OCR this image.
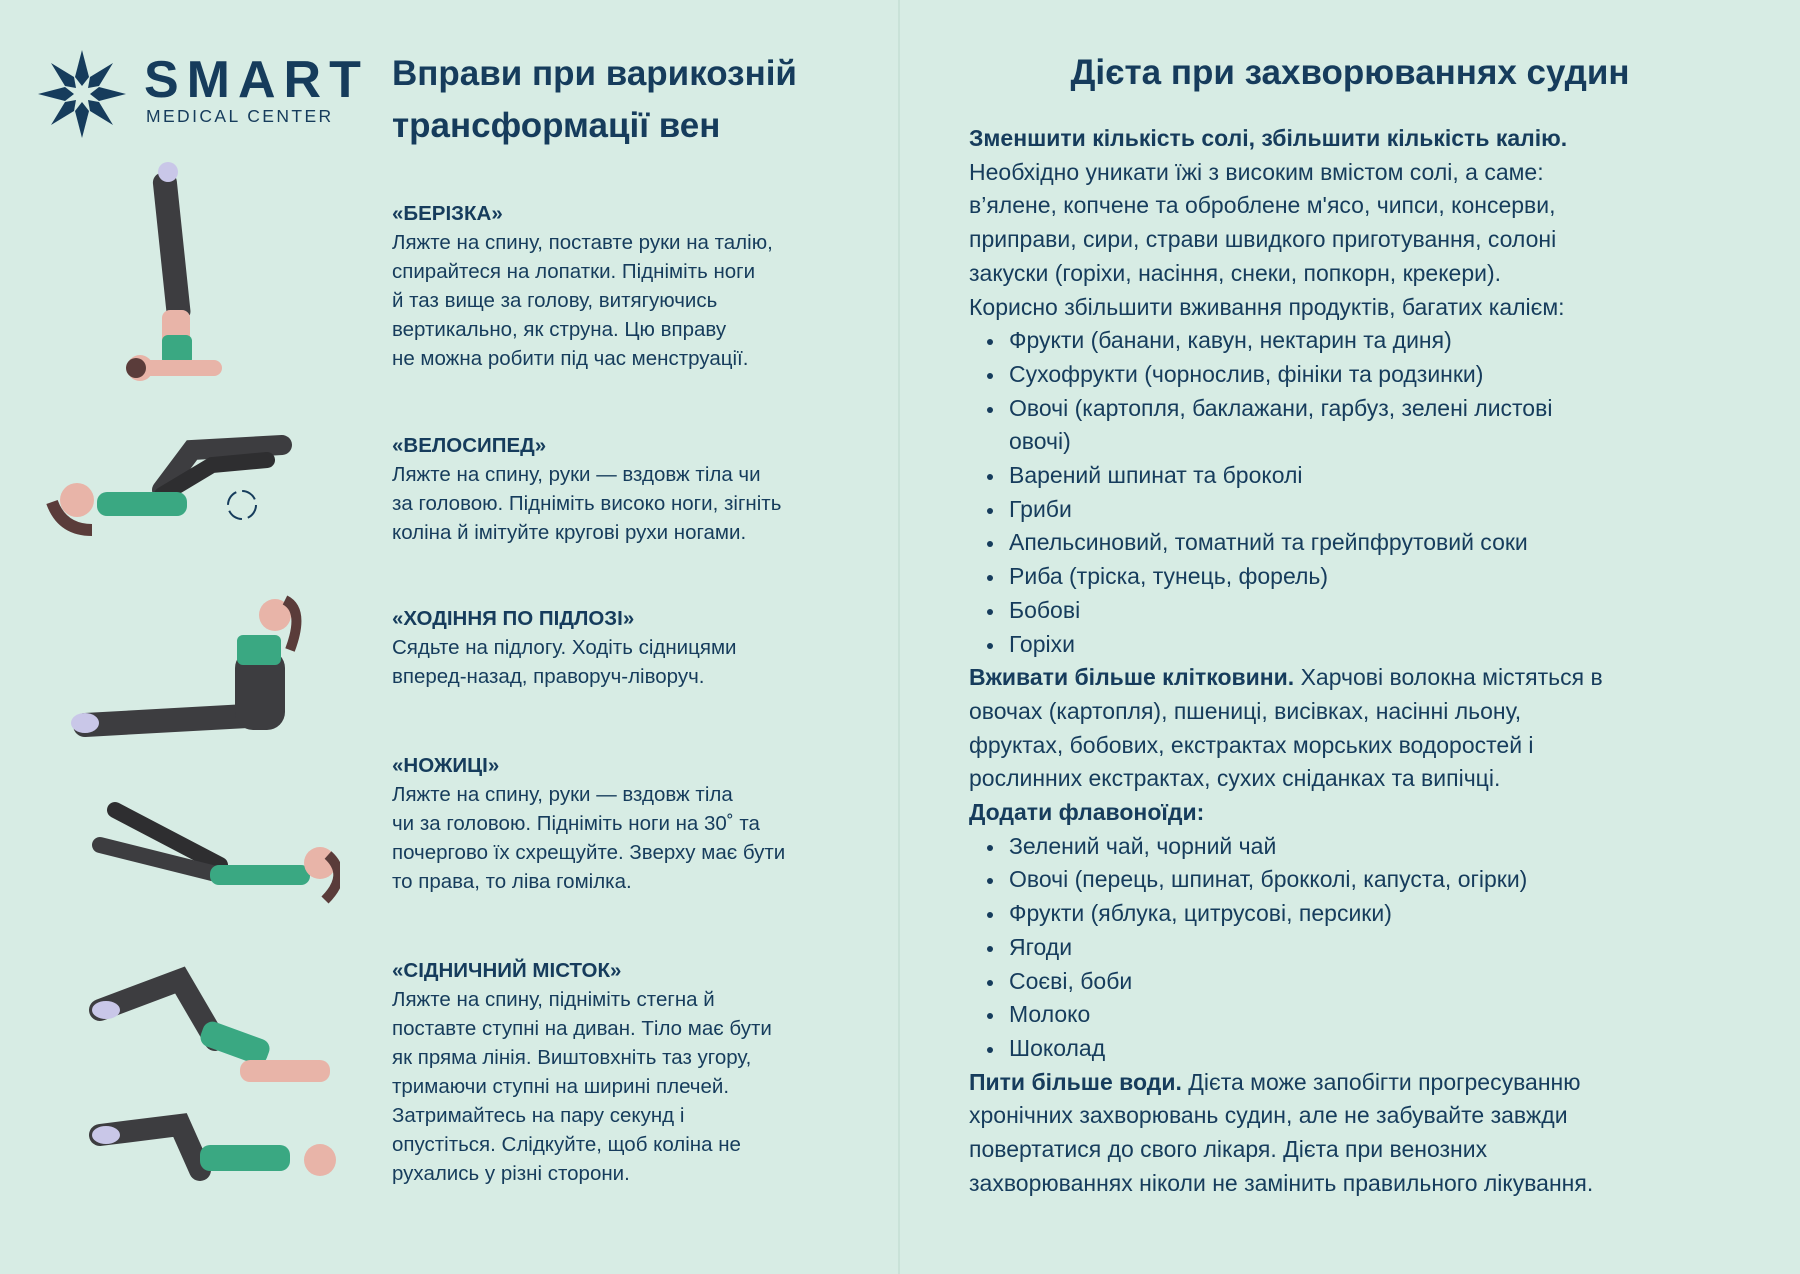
SMART
MEDICAL CENTER
Вправи при варикозній
трансформації вен
«БЕРІЗКА»
Ляжте на спину, поставте руки на талію,
спирайтеся на лопатки. Підніміть ноги
й таз вище за голову, витягуючись
вертикально, як струна. Цю вправу
не можна робити під час менструації.
«ВЕЛОСИПЕД»
Ляжте на спину, руки — вздовж тіла чи
за головою. Підніміть високо ноги, зігніть
коліна й імітуйте кругові рухи ногами.
«ХОДІННЯ ПО ПІДЛОЗІ»
Сядьте на підлогу. Ходіть сідницями
вперед-назад, праворуч-ліворуч.
«НОЖИЦІ»
Ляжте на спину, руки — вздовж тіла
чи за головою. Підніміть ноги на 30˚ та
почергово їх схрещуйте. Зверху має бути
то права, то ліва гомілка.
«СІДНИЧНИЙ МІСТОК»
Ляжте на спину, підніміть стегна й
поставте ступні на диван. Тіло має бути
як пряма лінія. Виштовхніть таз угору,
тримаючи ступні на ширині плечей.
Затримайтесь на пару секунд і
опустіться. Слідкуйте, щоб коліна не
рухались у різні сторони.
Дієта при захворюваннях судин
Зменшити кількість солі, збільшити кількість калію.
Необхідно уникати їжі з високим вмістом солі, а саме:
в’ялене, копчене та оброблене м'ясо, чипси, консерви,
приправи, сири, страви швидкого приготування, солоні
закуски (горіхи, насіння, снеки, попкорн, крекери).
Корисно збільшити вживання продуктів, багатих калієм:
Фрукти (банани, кавун, нектарин та диня)
Сухофрукти (чорнослив, фініки та родзинки)
Овочі (картопля, баклажани, гарбуз, зелені листові
овочі)
Варений шпинат та броколі
Гриби
Апельсиновий, томатний та грейпфрутовий соки
Риба (тріска, тунець, форель)
Бобові
Горіхи
Вживати більше клітковини. Харчові волокна містяться в
овочах (картопля), пшениці, висівках, насінні льону,
фруктах, бобових, екстрактах морських водоростей і
рослинних екстрактах, сухих сніданках та випічці.
Додати флавоноїди:
Зелений чай, чорний чай
Овочі (перець, шпинат, брокколі, капуста, огірки)
Фрукти (яблука, цитрусові, персики)
Ягоди
Соєві, боби
Молоко
Шоколад
Пити більше води. Дієта може запобігти прогресуванню
хронічних захворювань судин, але не забувайте завжди
повертатися до свого лікаря. Дієта при венозних
захворюваннях ніколи не замінить правильного лікування.
